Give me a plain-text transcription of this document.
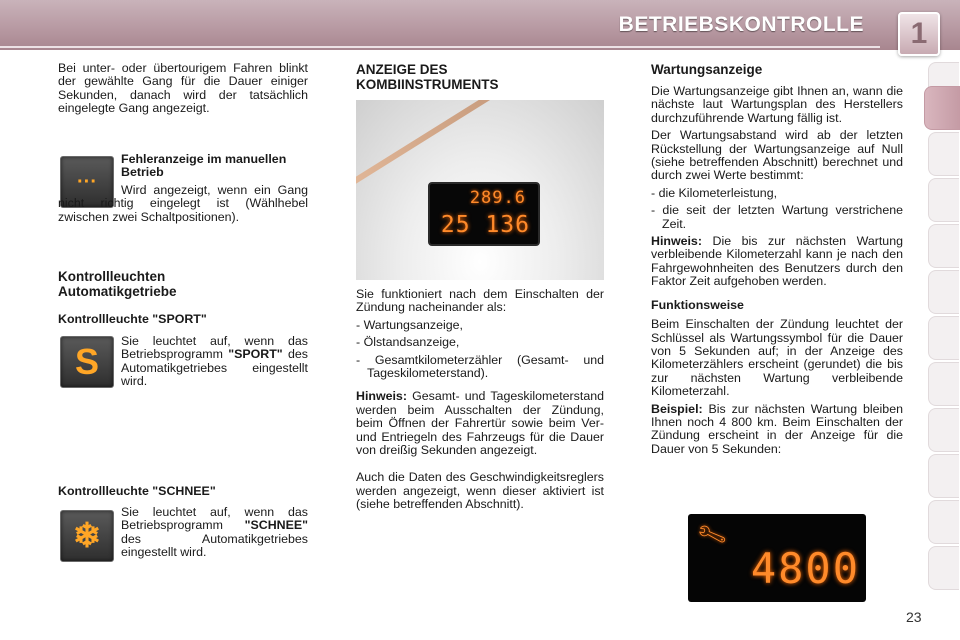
BETRIEBSKONTROLLE	1
Bei unter- oder übertourigem Fahren blinkt der gewählte Gang für die Dauer einiger Sekunden, danach wird der tatsächlich eingelegte Gang angezeigt.
···
Fehleranzeige im manuellen Betrieb
Wird angezeigt, wenn ein Gang nicht richtig eingelegt ist (Wählhebel zwischen zwei Schaltpositionen).
Kontrollleuchten Automatikgetriebe
Kontrollleuchte "SPORT"
S Sie leuchtet auf, wenn das Betriebsprogramm "SPORT" des Automatikgetriebes eingestellt wird.
Kontrollleuchte "SCHNEE"
❄
Sie leuchtet auf, wenn das Betriebsprogramm "SCHNEE" des Automatikgetriebes eingestellt wird.
ANZEIGE DES KOMBIINSTRUMENTS
289.6
25 136

Sie funktioniert nach dem Einschalten der Zündung nacheinander als:

- Wartungsanzeige,

- Ölstandsanzeige,

- Gesamtkilometerzähler (Gesamt- und Tageskilometerstand).

Hinweis: Gesamt- und Tageskilometerstand werden beim Ausschalten der Zündung, beim Öffnen der Fahrertür sowie beim Ver- und Entriegeln des Fahrzeugs für die Dauer von dreißig Sekunden angezeigt.

Auch die Daten des Geschwindigkeitsreglers werden angezeigt, wenn dieser aktiviert ist (siehe betreffenden Abschnitt).

Wartungsanzeige

Die Wartungsanzeige gibt Ihnen an, wann die nächste laut Wartungsplan des Herstellers durchzuführende Wartung fällig ist.

Der Wartungsabstand wird ab der letzten Rückstellung der Wartungsanzeige auf Null (siehe betreffenden Abschnitt) berechnet und durch zwei Werte bestimmt:

- die Kilometerleistung,

- die seit der letzten Wartung verstrichene Zeit.

Hinweis: Die bis zur nächsten Wartung verbleibende Kilometerzahl kann je nach den Fahrgewohnheiten des Benutzers durch den Faktor Zeit aufgehoben werden.

Funktionsweise

Beim Einschalten der Zündung leuchtet der Schlüssel als Wartungssymbol für die Dauer von 5 Sekunden auf; in der Anzeige des Kilometerzählers erscheint (gerundet) die bis zur nächsten Wartung verbleibende Kilometerzahl.

Beispiel: Bis zur nächsten Wartung bleiben Ihnen noch 4 800 km. Beim Einschalten der Zündung erscheint in der Anzeige für die Dauer von 5 Sekunden:

🔧︎
4800
23
